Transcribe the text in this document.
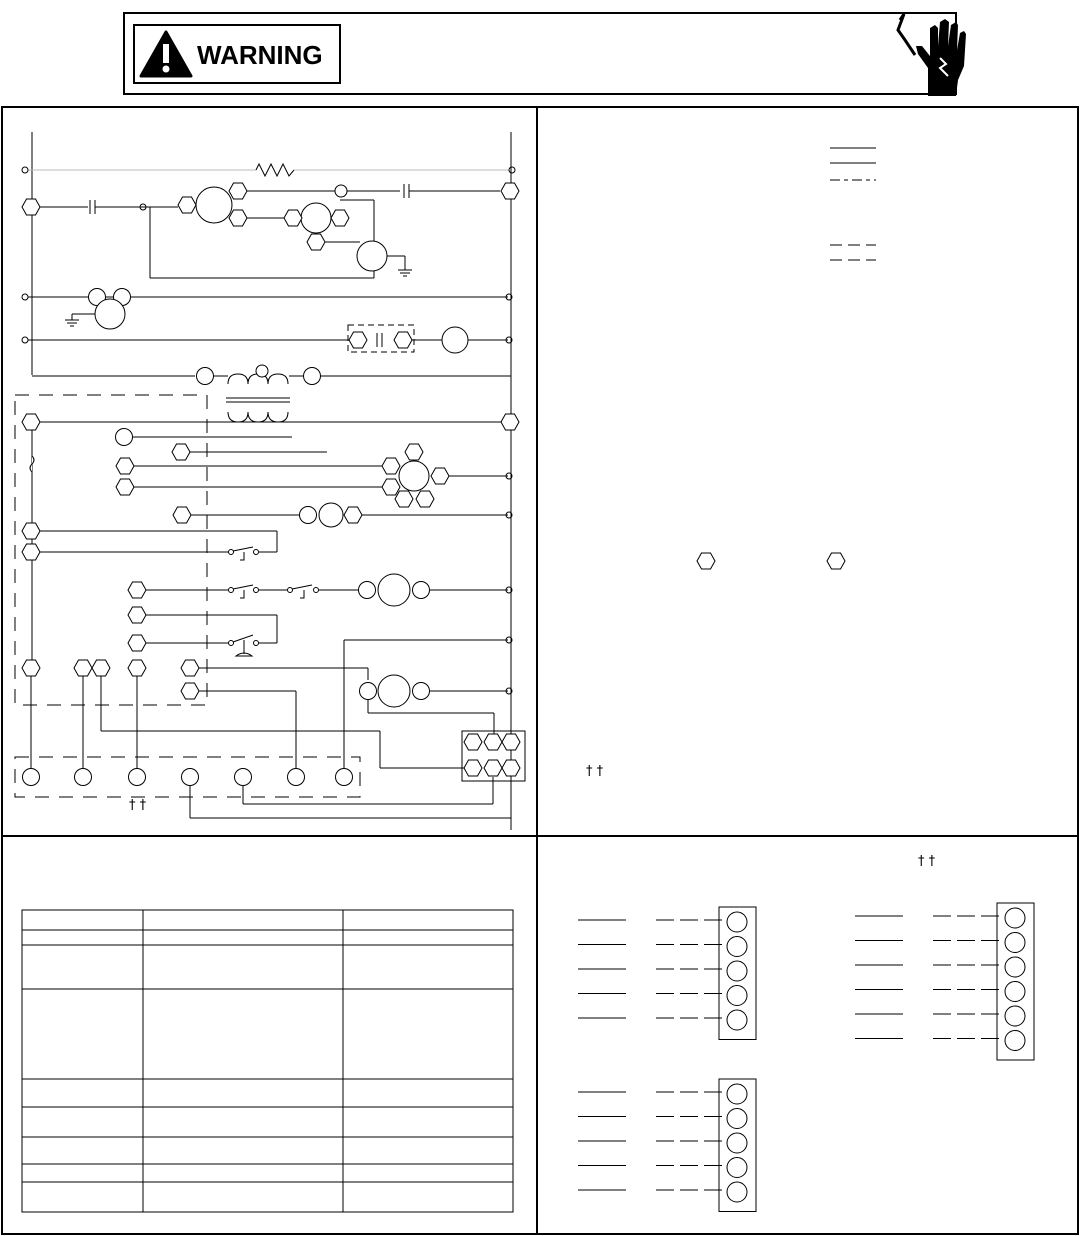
WARNING
† †
† †
† †
